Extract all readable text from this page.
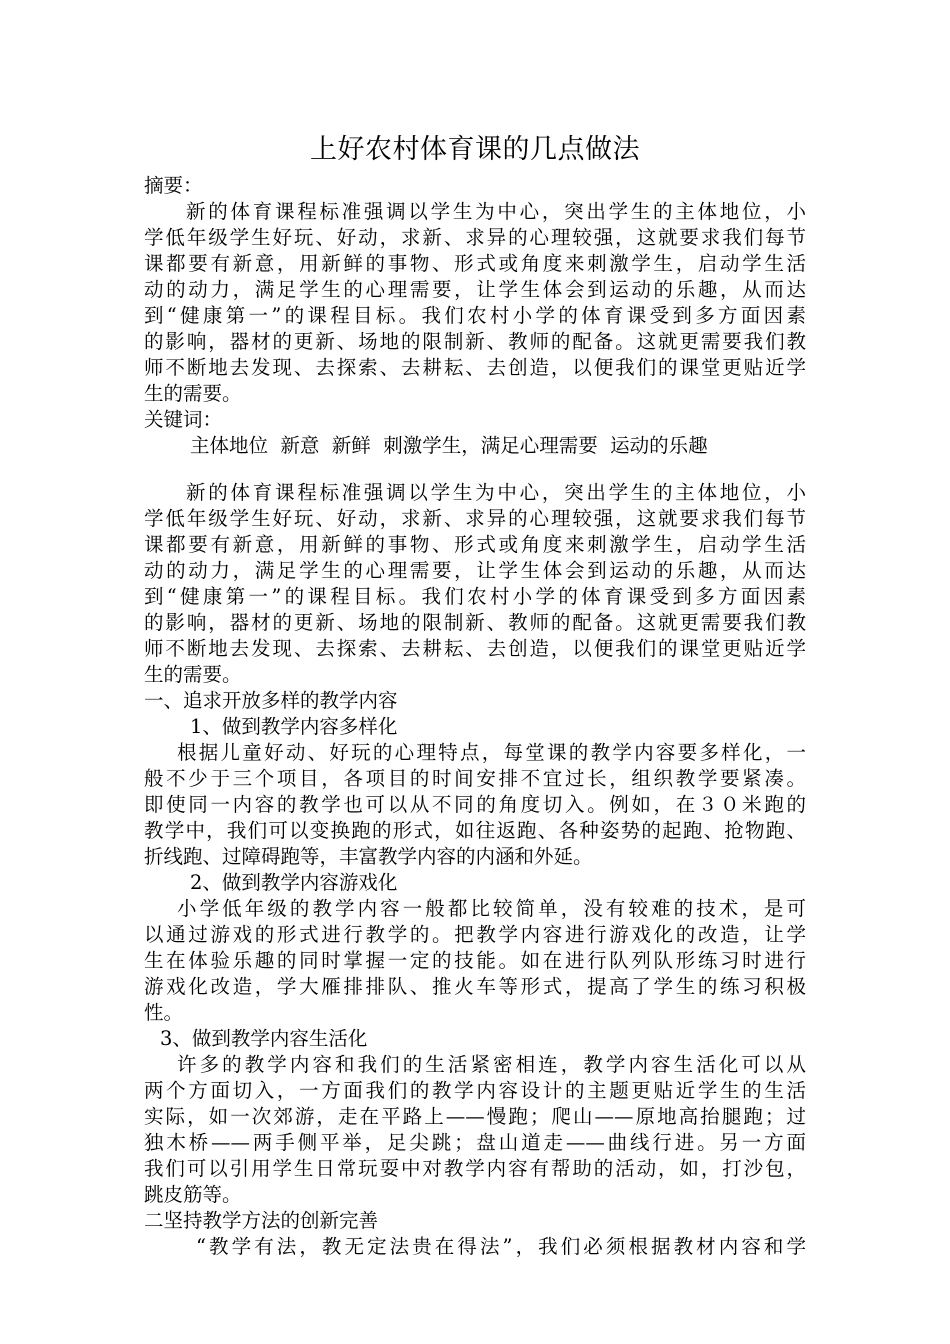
上好农村体育课的几点做法
摘要：
新的体育课程标准强调以学生为中心，突出学生的主体地位，小
学低年级学生好玩、好动，求新、求异的心理较强，这就要求我们每节
课都要有新意，用新鲜的事物、形式或角度来刺激学生，启动学生活
动的动力，满足学生的心理需要，让学生体会到运动的乐趣，从而达
到“健康第一”的课程目标。我们农村小学的体育课受到多方面因素
的影响，器材的更新、场地的限制新、教师的配备。这就更需要我们教
师不断地去发现、去探索、去耕耘、去创造，以便我们的课堂更贴近学
生的需要。
关键词：
主体地位  新意  新鲜  刺激学生，满足心理需要  运动的乐趣
新的体育课程标准强调以学生为中心，突出学生的主体地位，小
学低年级学生好玩、好动，求新、求异的心理较强，这就要求我们每节
课都要有新意，用新鲜的事物、形式或角度来刺激学生，启动学生活
动的动力，满足学生的心理需要，让学生体会到运动的乐趣，从而达
到“健康第一”的课程目标。我们农村小学的体育课受到多方面因素
的影响，器材的更新、场地的限制新、教师的配备。这就更需要我们教
师不断地去发现、去探索、去耕耘、去创造，以便我们的课堂更贴近学
生的需要。
一、追求开放多样的教学内容
1、做到教学内容多样化
根据儿童好动、好玩的心理特点，每堂课的教学内容要多样化，一
般不少于三个项目，各项目的时间安排不宜过长，组织教学要紧凑。
即使同一内容的教学也可以从不同的角度切入。例如，在３０米跑的
教学中，我们可以变换跑的形式，如往返跑、各种姿势的起跑、抢物跑、
折线跑、过障碍跑等，丰富教学内容的内涵和外延。
2、做到教学内容游戏化
小学低年级的教学内容一般都比较简单，没有较难的技术，是可
以通过游戏的形式进行教学的。把教学内容进行游戏化的改造，让学
生在体验乐趣的同时掌握一定的技能。如在进行队列队形练习时进行
游戏化改造，学大雁排排队、推火车等形式，提高了学生的练习积极
性。
3、做到教学内容生活化
许多的教学内容和我们的生活紧密相连，教学内容生活化可以从
两个方面切入，一方面我们的教学内容设计的主题更贴近学生的生活
实际，如一次郊游，走在平路上——慢跑；爬山——原地高抬腿跑；过
独木桥——两手侧平举，足尖跳；盘山道走——曲线行进。另一方面
我们可以引用学生日常玩耍中对教学内容有帮助的活动，如，打沙包，
跳皮筋等。
二坚持教学方法的创新完善
“教学有法，教无定法贵在得法”，我们必须根据教材内容和学
